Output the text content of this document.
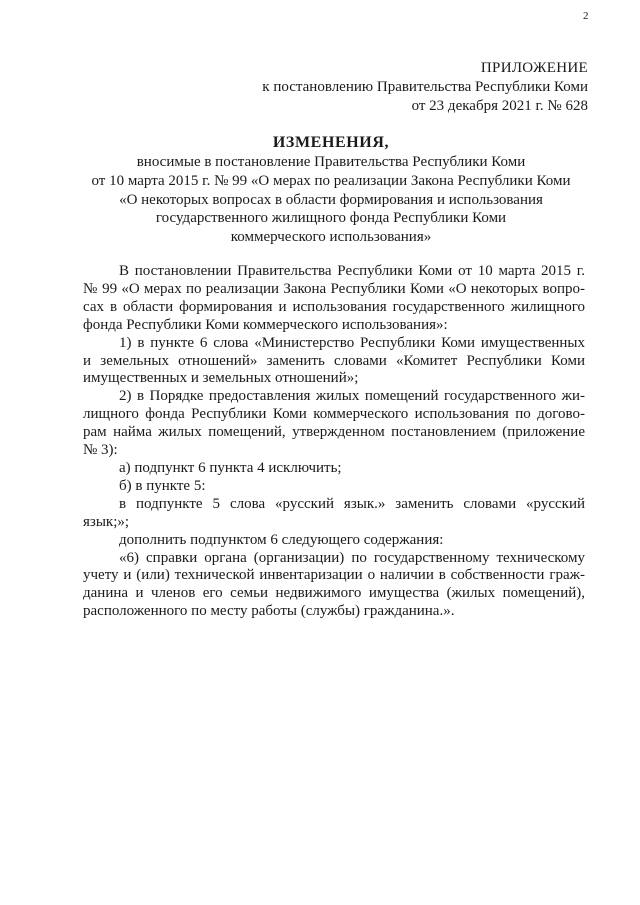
2
ПРИЛОЖЕНИЕ
к постановлению Правительства Республики Коми
от 23 декабря 2021 г. № 628
ИЗМЕНЕНИЯ,
вносимые в постановление Правительства Республики Коми
от 10 марта 2015 г. № 99 «О мерах по реализации Закона Республики Коми
«О некоторых вопросах в области формирования и использования
государственного жилищного фонда Республики Коми
коммерческого использования»
В постановлении Правительства Республики Коми от 10 марта 2015 г.
№ 99 «О мерах по реализации Закона Республики Коми «О некоторых вопро-
сах в области формирования и использования государственного жилищного
фонда Республики Коми коммерческого использования»:
1) в пункте 6 слова «Министерство Республики Коми имущественных
и земельных отношений» заменить словами «Комитет Республики Коми
имущественных и земельных отношений»;
2) в Порядке предоставления жилых помещений государственного жи-
лищного фонда Республики Коми коммерческого использования по догово-
рам найма жилых помещений, утвержденном постановлением (приложение
№ 3):
а) подпункт 6 пункта 4 исключить;
б) в пункте 5:
в подпункте 5 слова «русский язык.» заменить словами «русский
язык;»;
дополнить подпунктом 6 следующего содержания:
«6) справки органа (организации) по государственному техническому
учету и (или) технической инвентаризации о наличии в собственности граж-
данина и членов его семьи недвижимого имущества (жилых помещений),
расположенного по месту работы (службы) гражданина.».
